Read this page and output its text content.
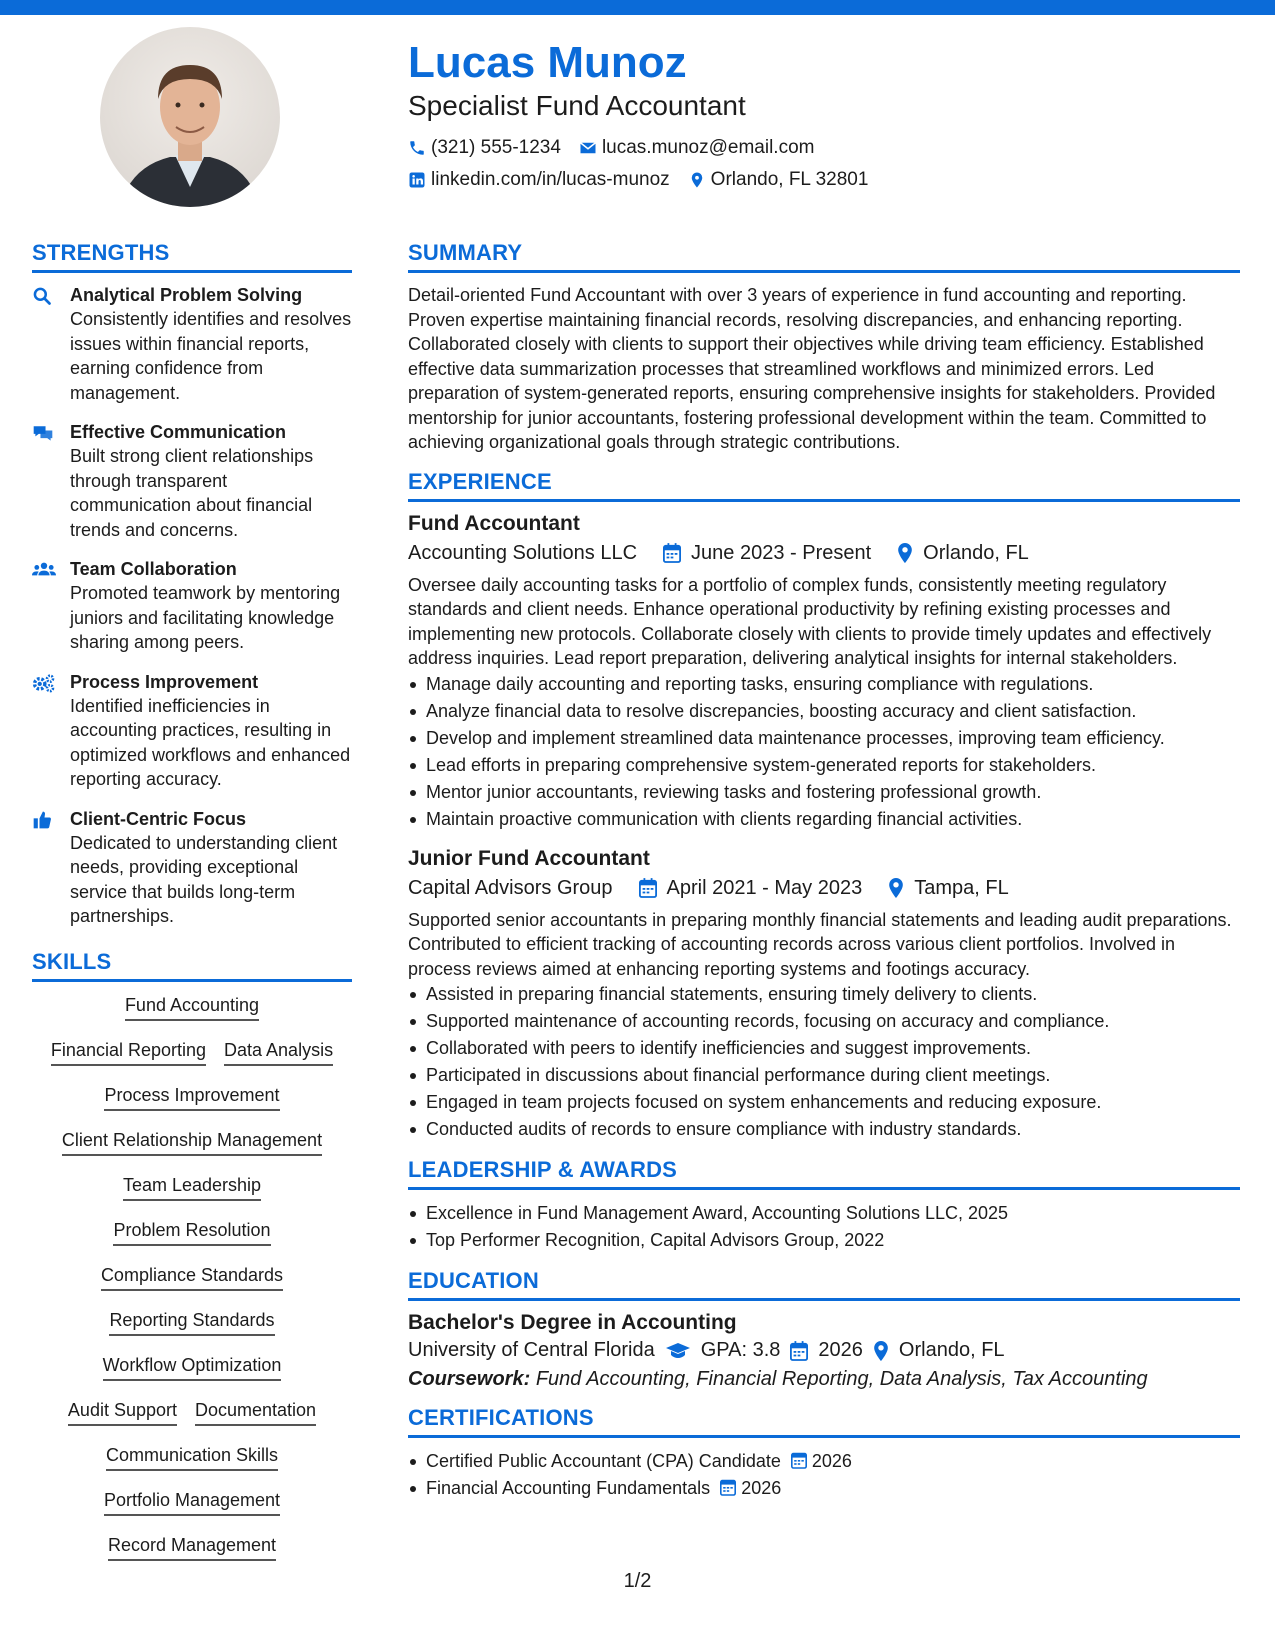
Lucas Munoz
Specialist Fund Accountant
(321) 555-1234 lucas.munoz@email.com
linkedin.com/in/lucas-munoz Orlando, FL 32801
STRENGTHS
Analytical Problem Solving
Consistently identifies and resolves issues within financial reports, earning confidence from management.
Effective Communication
Built strong client relationships through transparent communication about financial trends and concerns.
Team Collaboration
Promoted teamwork by mentoring juniors and facilitating knowledge sharing among peers.
Process Improvement
Identified inefficiencies in accounting practices, resulting in optimized workflows and enhanced reporting accuracy.
Client-Centric Focus
Dedicated to understanding client needs, providing exceptional service that builds long-term partnerships.
SKILLS
Fund Accounting
Financial Reporting Data Analysis
Process Improvement
Client Relationship Management
Team Leadership
Problem Resolution
Compliance Standards
Reporting Standards
Workflow Optimization
Audit Support Documentation
Communication Skills
Portfolio Management
Record Management
SUMMARY

Detail-oriented Fund Accountant with over 3 years of experience in fund accounting and reporting. Proven expertise maintaining financial records, resolving discrepancies, and enhancing reporting. Collaborated closely with clients to support their objectives while driving team efficiency. Established effective data summarization processes that streamlined workflows and minimized errors. Led preparation of system-generated reports, ensuring comprehensive insights for stakeholders. Provided mentorship for junior accountants, fostering professional development within the team. Committed to achieving organizational goals through strategic contributions.

EXPERIENCE
Fund Accountant
Accounting Solutions LLC	June 2023 - Present	Orlando, FL

Oversee daily accounting tasks for a portfolio of complex funds, consistently meeting regulatory standards and client needs. Enhance operational productivity by refining existing processes and implementing new protocols. Collaborate closely with clients to provide timely updates and effectively address inquiries. Lead report preparation, delivering analytical insights for internal stakeholders.

Manage daily accounting and reporting tasks, ensuring compliance with regulations.
Analyze financial data to resolve discrepancies, boosting accuracy and client satisfaction.
Develop and implement streamlined data maintenance processes, improving team efficiency.
Lead efforts in preparing comprehensive system-generated reports for stakeholders.
Mentor junior accountants, reviewing tasks and fostering professional growth.
Maintain proactive communication with clients regarding financial activities.
Junior Fund Accountant
Capital Advisors Group	April 2021 - May 2023	Tampa, FL

Supported senior accountants in preparing monthly financial statements and leading audit preparations. Contributed to efficient tracking of accounting records across various client portfolios. Involved in process reviews aimed at enhancing reporting systems and footings accuracy.

Assisted in preparing financial statements, ensuring timely delivery to clients.
Supported maintenance of accounting records, focusing on accuracy and compliance.
Collaborated with peers to identify inefficiencies and suggest improvements.
Participated in discussions about financial performance during client meetings.
Engaged in team projects focused on system enhancements and reducing exposure.
Conducted audits of records to ensure compliance with industry standards.
LEADERSHIP & AWARDS
Excellence in Fund Management Award, Accounting Solutions LLC, 2025
Top Performer Recognition, Capital Advisors Group, 2022
EDUCATION
Bachelor's Degree in Accounting
University of Central Florida GPA: 3.8 2026 Orlando, FL
Coursework: Fund Accounting, Financial Reporting, Data Analysis, Tax Accounting
CERTIFICATIONS
Certified Public Accountant (CPA) Candidate 2026
Financial Accounting Fundamentals 2026
1/2
